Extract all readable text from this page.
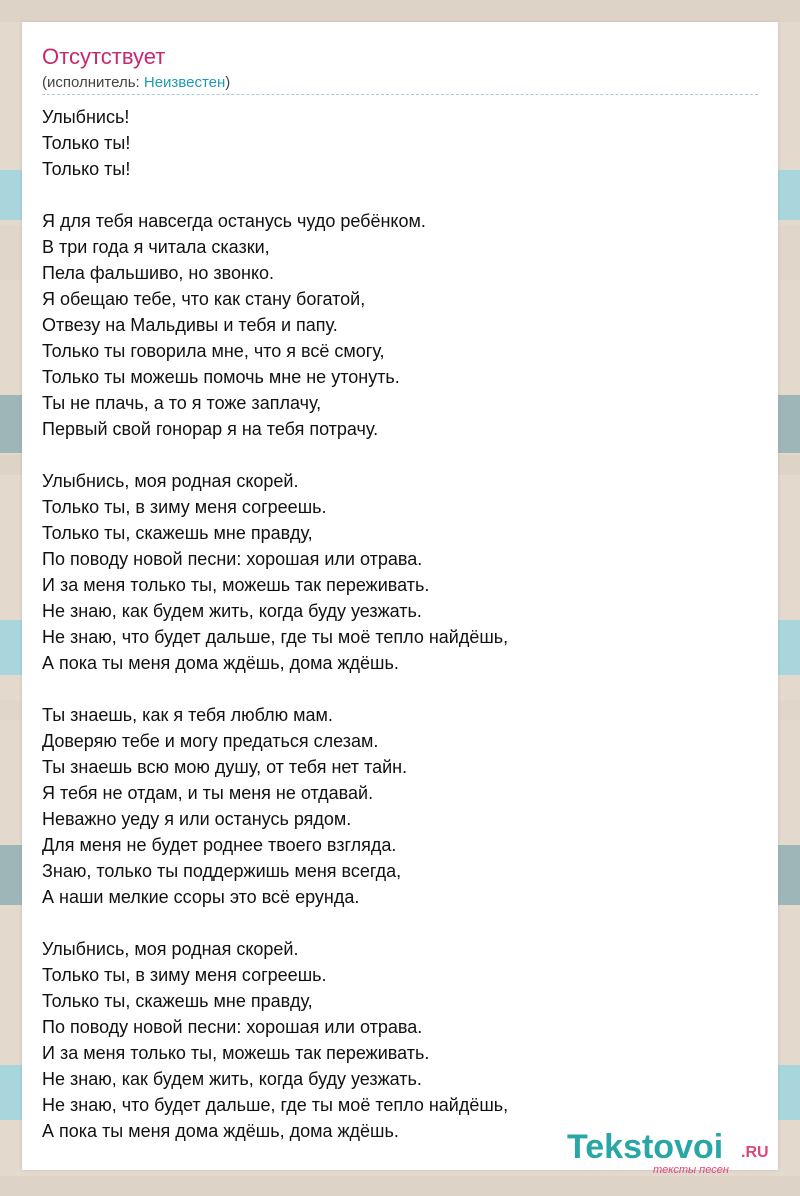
Отсутствует
(исполнитель: Неизвестен)
Улыбнись!
Только ты!
Только ты!
Я для тебя навсегда останусь чудо ребёнком.
В три года я читала сказки,
Пела фальшиво, но звонко.
Я обещаю тебе, что как стану богатой,
Отвезу на Мальдивы и тебя и папу.
Только ты говорила мне, что я всё смогу,
Только ты можешь помочь мне не утонуть.
Ты не плачь, а то я тоже заплачу,
Первый свой гонорар я на тебя потрачу.
Улыбнись, моя родная скорей.
Только ты, в зиму меня согреешь.
Только ты, скажешь мне правду,
По поводу новой песни: хорошая или отрава.
И за меня только ты, можешь так переживать.
Не знаю, как будем жить, когда буду уезжать.
Не знаю, что будет дальше, где ты моё тепло найдёшь,
А пока ты меня дома ждёшь, дома ждёшь.
Ты знаешь, как я тебя люблю мам.
Доверяю тебе и могу предаться слезам.
Ты знаешь всю мою душу, от тебя нет тайн.
Я тебя не отдам, и ты меня не отдавай.
Неважно уеду я или останусь рядом.
Для меня не будет роднее твоего взгляда.
Знаю, только ты поддержишь меня всегда,
А наши мелкие ссоры это всё ерунда.
Улыбнись, моя родная скорей.
Только ты, в зиму меня согреешь.
Только ты, скажешь мне правду,
По поводу новой песни: хорошая или отрава.
И за меня только ты, можешь так переживать.
Не знаю, как будем жить, когда буду уезжать.
Не знаю, что будет дальше, где ты моё тепло найдёшь,
А пока ты меня дома ждёшь, дома ждёшь.	Tekstovoi .RU
тексты песен
